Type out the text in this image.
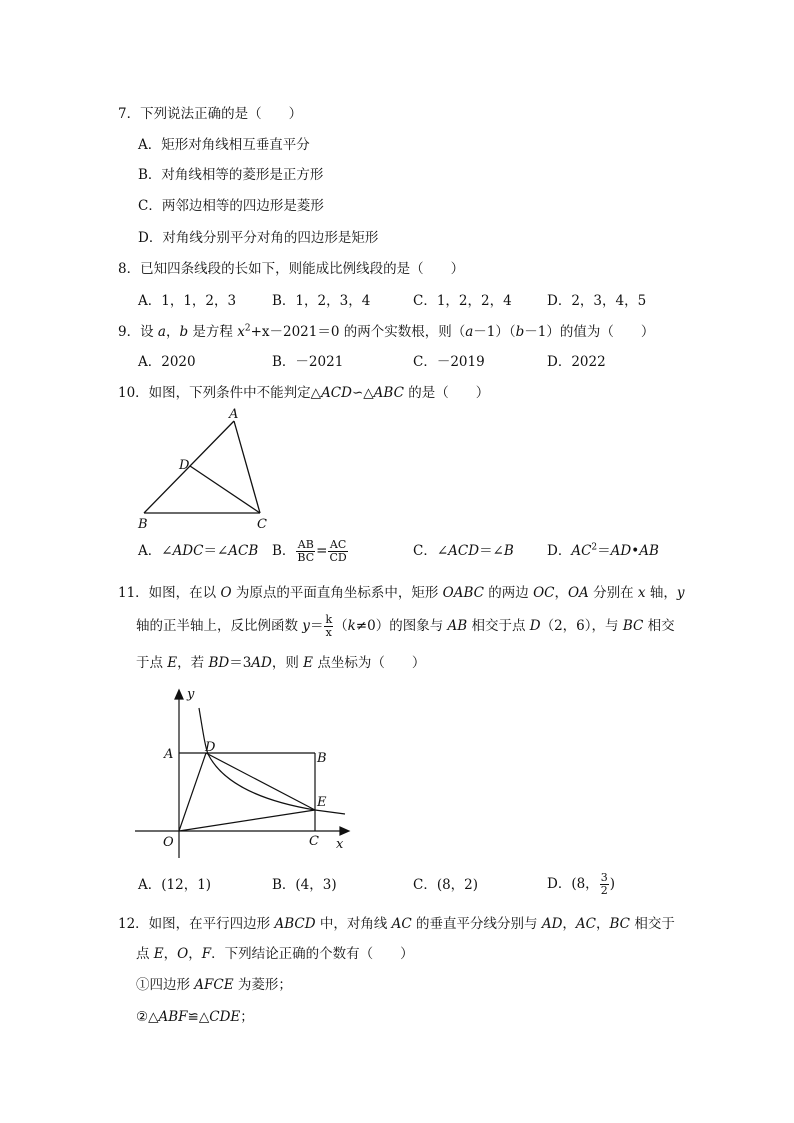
7．下列说法正确的是（　　）
A．矩形对角线相互垂直平分
B．对角线相等的菱形是正方形
C．两邻边相等的四边形是菱形
D．对角线分别平分对角的四边形是矩形
8．已知四条线段的长如下，则能成比例线段的是（　　）
A．1，1，2，3	B．1，2，3，4	C．1，2，2，4	D．2，3，4，5
9．设 a，b 是方程 $x^2+x-2021=0$ 的两个实数根，则（a－1）（b－1）的值为（　　）
A．2020	B．－2021	C．－2019	D．2022
10．如图，下列条件中不能判定△ACD∽△ABC 的是（　　）
A
D
B	C
A．∠ADC＝∠ACB B． $\frac{AB}{BC} = \frac{AC}{CD}$	C．∠ACD＝∠B D．$AC^2=AD•AB$
11．如图，在以 O 为原点的平面直角坐标系中，矩形 OABC 的两边 OC，OA 分别在 x 轴，y
轴的正半轴上，反比例函数 $y= \frac{k}{x} (k\ne 0)$的图象与 AB 相交于点 D（2，6），与 BC 相交
于点 E，若 BD＝3AD，则 E 点坐标为（　　）
y
x
A D
B
E
C
O
A．(12，1)	B．(4，3)	C．(8，2)	D．(8， $\frac{3}{2}$ )
12．如图，在平行四边形 ABCD 中，对角线 AC 的垂直平分线分别与 AD，AC，BC 相交于
点 E，O，F．下列结论正确的个数有（　　）
①四边形 AFCE 为菱形；
②△ABF≌△CDE；
